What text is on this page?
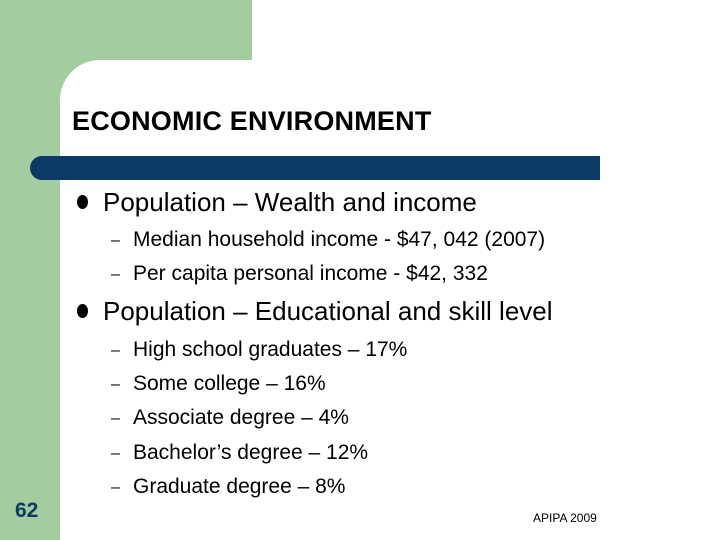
ECONOMIC ENVIRONMENT
Population – Wealth and income
– Median household income - $47, 042 (2007)
– Per capita personal income - $42, 332
Population – Educational and skill level
– High school graduates – 17%
– Some college – 16%
– Associate degree – 4%
– Bachelor’s degree – 12%
– Graduate degree – 8%
62	APIPA 2009
